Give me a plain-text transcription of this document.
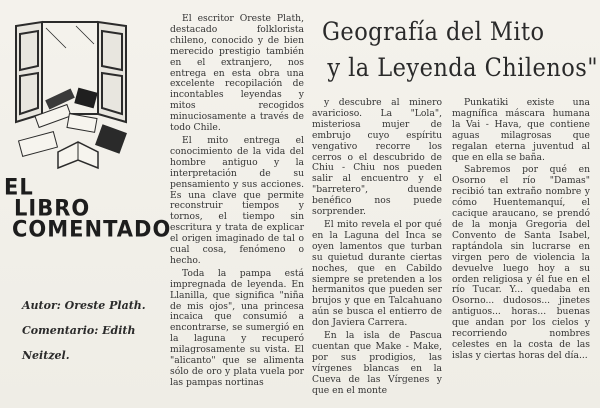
EL
LIBRO
COMENTADO
Autor: Oreste Plath.
Comentario: Edith
Neitzel.
Geografía del Mito
y la Leyenda Chilenos"

El escritor Oreste Plath, destacado folklorista chileno, conocido y de bien merecido prestigio también en el extranjero, nos entrega en esta obra una excelente recopilación de incontables leyendas y mitos recogidos minuciosamente a través de todo Chile.

El mito entrega el conocimiento de la vida del hombre antiguo y la interpretación de su pensamiento y sus acciones. Es una clave que permite reconstruir tiempos y tornos, el tiempo sin escritura y trata de explicar el origen imaginado de tal o cual cosa, fenómeno o hecho.

Toda la pampa está impregnada de leyenda. En Llanilla, que significa "niña de mis ojos", una princesa incaica que consumió a encontrarse, se sumergió en la laguna y recuperó milagrosamente su vista. El "alicanto" que se alimenta sólo de oro y plata vuela por las pampas nortinas

y descubre al minero avaricioso. La "Lola", misteriosa mujer de embrujo cuyo espíritu vengativo recorre los cerros o el descubrido de Chiu - Chiu nos pueden salir al encuentro y el "barretero", duende benéfico nos puede sorprender.

El mito revela el por qué en la Laguna del Inca se oyen lamentos que turban su quietud durante ciertas noches, que en Cabildo siempre se pretenden a los hermanitos que pueden ser brujos y que en Talcahuano aún se busca el entierro de don Javiera Carrera.

En la isla de Pascua cuentan que Make - Make, por sus prodigios, las vírgenes blancas en la Cueva de las Vírgenes y que en el monte

Punkatiki existe una magnífica máscara humana la Vai - Hava, que contiene aguas milagrosas que regalan eterna juventud al que en ella se baña.

Sabremos por qué en Osorno el río "Damas" recibió tan extraño nombre y cómo Huentemanquí, el cacique araucano, se prendó de la monja Gregoria del Convento de Santa Isabel, raptándola sin lucrarse en virgen pero de violencia la devuelve luego hoy a su orden religiosa y él fue en el río Tucar. Y... quedaba en Osorno... dudosos... jinetes antiguos... horas... buenas que andan por los cielos y recorriendo nombres celestes en la costa de las islas y ciertas horas del día...
